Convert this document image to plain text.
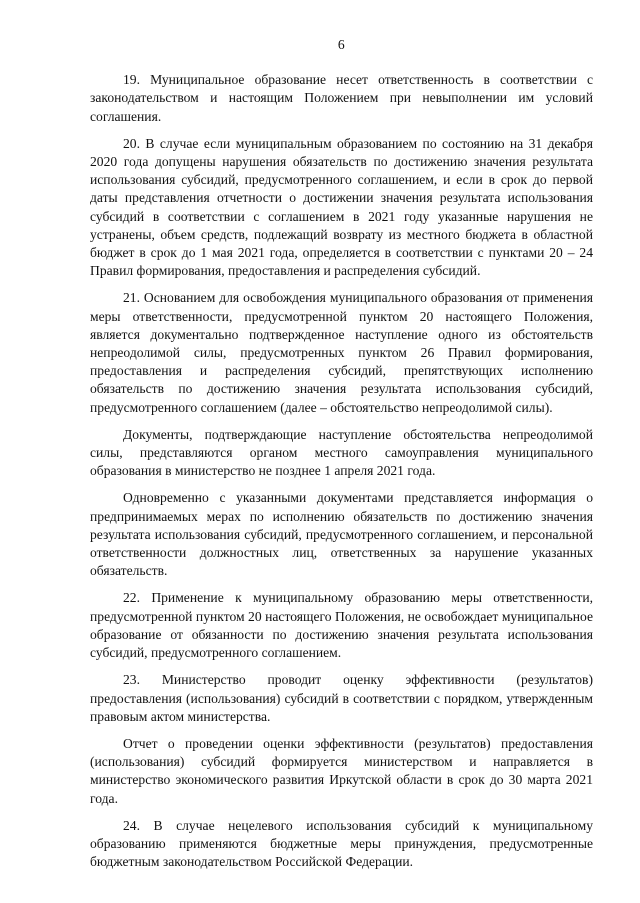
6

19. Муниципальное образование несет ответственность в соответствии с законодательством и настоящим Положением при невыполнении им условий соглашения.

20. В случае если муниципальным образованием по состоянию на 31 декабря 2020 года допущены нарушения обязательств по достижению значения результата использования субсидий, предусмотренного соглашением, и если в срок до первой даты представления отчетности о достижении значения результата использования субсидий в соответствии с соглашением в 2021 году указанные нарушения не устранены, объем средств, подлежащий возврату из местного бюджета в областной бюджет в срок до 1 мая 2021 года, определяется в соответствии с пунктами 20 – 24 Правил формирования, предоставления и распределения субсидий.

21. Основанием для освобождения муниципального образования от применения меры ответственности, предусмотренной пунктом 20 настоящего Положения, является документально подтвержденное наступление одного из обстоятельств непреодолимой силы, предусмотренных пунктом 26 Правил формирования, предоставления и распределения субсидий, препятствующих исполнению обязательств по достижению значения результата использования субсидий, предусмотренного соглашением (далее – обстоятельство непреодолимой силы).

Документы, подтверждающие наступление обстоятельства непреодолимой силы, представляются органом местного самоуправления муниципального образования в министерство не позднее 1 апреля 2021 года.

Одновременно с указанными документами представляется информация о предпринимаемых мерах по исполнению обязательств по достижению значения результата использования субсидий, предусмотренного соглашением, и персональной ответственности должностных лиц, ответственных за нарушение указанных обязательств.

22. Применение к муниципальному образованию меры ответственности, предусмотренной пунктом 20 настоящего Положения, не освобождает муниципальное образование от обязанности по достижению значения результата использования субсидий, предусмотренного соглашением.

23. Министерство проводит оценку эффективности (результатов) предоставления (использования) субсидий в соответствии с порядком, утвержденным правовым актом министерства.

Отчет о проведении оценки эффективности (результатов) предоставления (использования) субсидий формируется министерством и направляется в министерство экономического развития Иркутской области в срок до 30 марта 2021 года.

24. В случае нецелевого использования субсидий к муниципальному образованию применяются бюджетные меры принуждения, предусмотренные бюджетным законодательством Российской Федерации.
